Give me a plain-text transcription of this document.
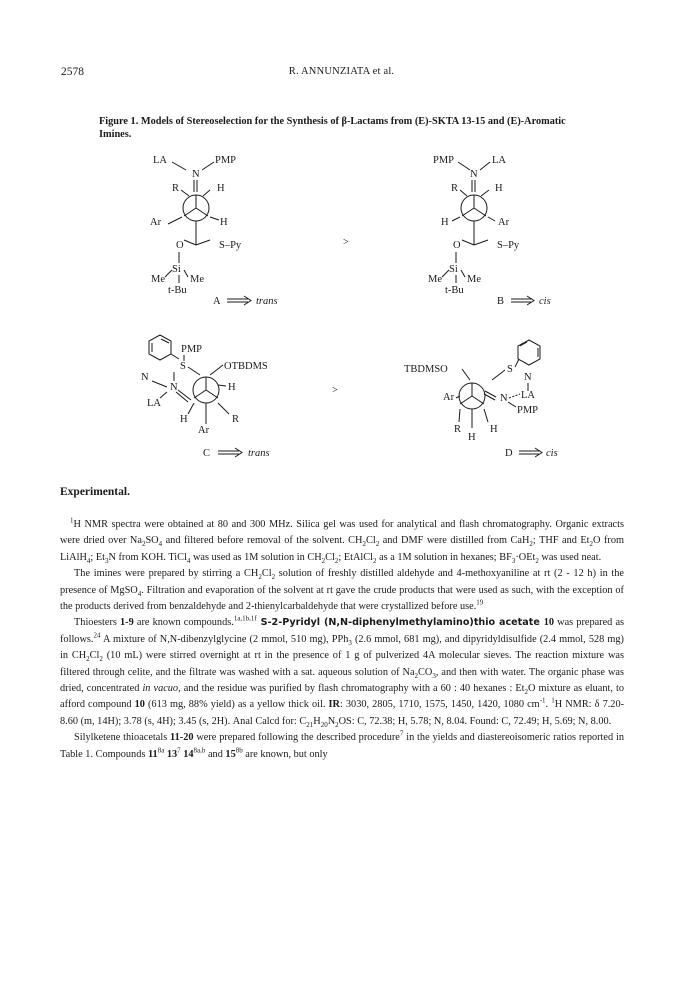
2578	R. ANNUNZIATA et al.
Figure 1. Models of Stereoselection for the Synthesis of β-Lactams from (E)-SKTA 13-15 and (E)-Aromatic Imines.
LA	PMP
N
R	H
Ar	H
O	S–Py
Si
Me Me
t-Bu
A	trans
>
PMP	LA
N
R	H
H	Ar
O	S–Py
Si
Me Me
t-Bu
B	cis
N
PMP
S	OTBDMS
N
LA
H
H	R
Ar
C	trans
>
N
S
TBDMSO
LA
N
PMP
Ar
R	H
H
D	cis
Experimental.

$^1$H NMR spectra were obtained at 80 and 300 MHz. Silica gel was used for analytical and flash chromatography. Organic extracts were dried over $Na_2SO_4$ and filtered before removal of the solvent. $CH_2Cl_2$ and DMF were distilled from CaH$_2$; THF and $Et_2O$ from LiAlH$_4$; $Et_3N$ from KOH. TiCl$_4$ was used as 1M solution in $CH_2Cl_2$; EtAlCl$_2$ as a 1M solution in hexanes; $BF_3\cdot OEt_2$ was used neat.

The imines were prepared by stirring a $CH_2Cl_2$ solution of freshly distilled aldehyde and 4-methoxyaniline at rt (2 - 12 h) in the presence of MgSO$_4$. Filtration and evaporation of the solvent at rt gave the crude products that were used as such, with the exception of the products derived from benzaldehyde and 2-thienylcarbaldehyde that were crystallized before use.$^{19}$

Thioesters 1-9 are known compounds.$^{1a,1b,1f}$ S-2-Pyridyl (N,N-diphenylmethylamino)thio acetate 10 was prepared as follows.$^{24}$ A mixture of N,N-dibenzylglycine (2 mmol, 510 mg), PPh$_3$ (2.6 mmol, 681 mg), and dipyridyldisulfide (2.4 mmol, 528 mg) in $CH_2Cl_2$ (10 mL) were stirred overnight at rt in the presence of 1 g of pulverized 4A molecular sieves. The reaction mixture was filtered through celite, and the filtrate was washed with a sat. aqueous solution of $Na_2CO_3$, and then with water. The organic phase was dried, concentrated in vacuo, and the residue was purified by flash chromatography with a 60 : 40 hexanes : $Et_2O$ mixture as eluant, to afford compound 10 (613 mg, 88% yield) as a yellow thick oil. IR: 3030, 2805, 1710, 1575, 1450, 1420, 1080 $cm^{-1}$. $^1$H NMR: δ 7.20-8.60 (m, 14H); 3.78 (s, 4H); 3.45 (s, 2H). Anal Calcd for: $C_{21}H_{20}N_2OS$: C, 72.38; H, 5.78; N, 8.04. Found: C, 72.49; H, 5.69; N, 8.00.

Silylketene thioacetals 11-20 were prepared following the described procedure$^7$ in the yields and diastereoisomeric ratios reported in Table 1. Compounds $11^{8a}$ $13^7$ $14^{8a,b}$ and $15^{8b}$ are known, but only
